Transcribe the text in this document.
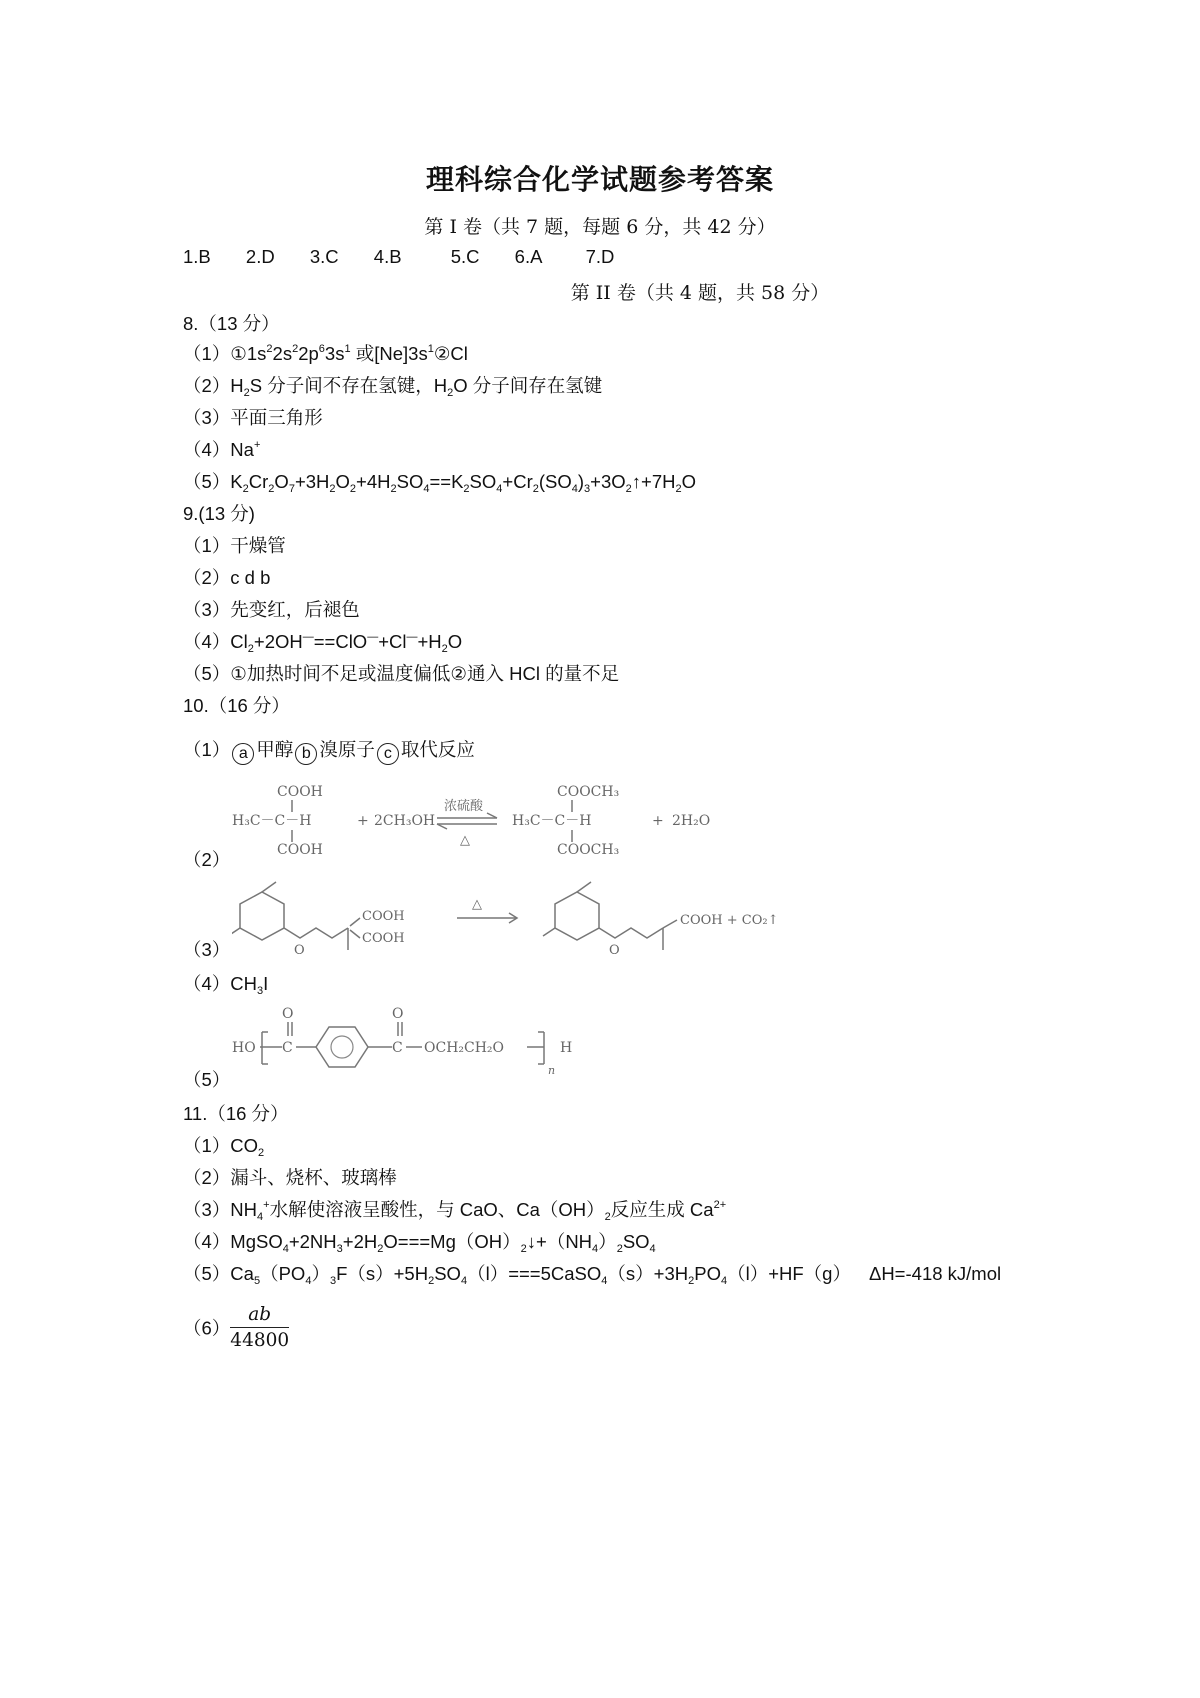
理科综合化学试题参考答案
第 I 卷（共 7 题，每题 6 分，共 42 分）
1.B 2.D 3.C 4.B	5.C 6.A 7.D
第 II 卷（共 4 题，共 58 分）
8.（13 分）
$(1)①1s^22s^22p^63s^1$ 或$[Ne]3s^1②Cl$
$(2)H_2S$ 分子间不存在氢键，$H_2O$ 分子间存在氢键
（3）平面三角形
（4）Na+
$(5)K_2Cr_2O_7+3H_2O_2+4H_2SO_4==K_2SO_4+Cr_2(SO_4)_3+3O_2↑+7H_2O$
9.(13 分)
（1）干燥管
（2）c d b
（3）先变红，后褪色
$(4)Cl_2+2OH^—==ClO^—+Cl^—+H_2O$
（5）①加热时间不足或温度偏低②通入 HCl 的量不足
10.（16 分）
（1） a 甲醇 b 溴原子 c 取代反应
COOH
H₃C－C－H
COOH
+ 2CH₃OH
浓硫酸
△
COOCH₃
H₃C－C－H
COOCH₃
+ 2H₂O
（2）
O
COOH
COOH
△
O
COOH + CO₂↑
（3）
$(4)CH_3I$
HO C
O
C
O
OCH₂CH₂O
n
H
（5）
11.（16 分）
$(1)CO_2$
（2）漏斗、烧杯、玻璃棒
$(3)NH_4^+$水解使溶液呈酸性，与 CaO、$Ca(OH)_2$反应生成 $Ca^{2+}$
$(4)MgSO_4+2NH_3+2H_2O===Mg(OH)_2↓+(NH_4)_2SO_4$
$(5)Ca_5(PO_4)_3F(s)+5H_2SO_4(l)===5CaSO_4(s)+3H_2PO_4(l)+HF(g)$ ΔH=-418 kJ/mol
$(6) \frac{ab}{44800}$
